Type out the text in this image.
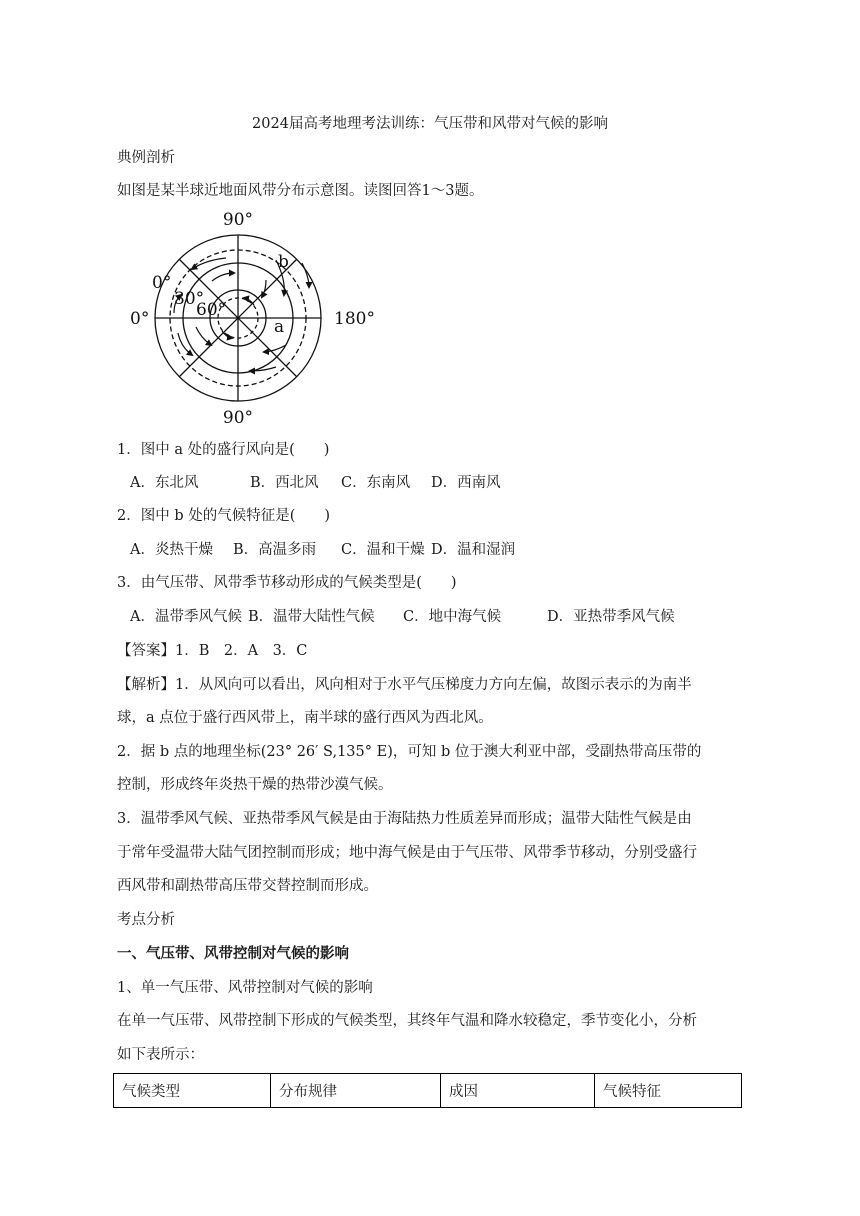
2024届高考地理考法训练：气压带和风带对气候的影响
典例剖析
如图是某半球近地面风带分布示意图。读图回答1～3题。
90°
90°
0°	180°
0°
30°
60°
a
b
1．图中 a 处的盛行风向是(　　)
A．东北风	B．西北风 C．东南风 D．西南风
2．图中 b 处的气候特征是(　　)
A．炎热干燥 B．高温多雨 C．温和干燥 D．温和湿润
3．由气压带、风带季节移动形成的气候类型是(　　)
A．温带季风气候 B．温带大陆性气候 C．地中海气候	D．亚热带季风气候
【答案】1．B　2．A　3．C
【解析】1．从风向可以看出，风向相对于水平气压梯度力方向左偏，故图示表示的为南半
球，a 点位于盛行西风带上，南半球的盛行西风为西北风。
2．据 b 点的地理坐标(23° 26′ S,135° E)，可知 b 位于澳大利亚中部，受副热带高压带的
控制，形成终年炎热干燥的热带沙漠气候。
3．温带季风气候、亚热带季风气候是由于海陆热力性质差异而形成；温带大陆性气候是由
于常年受温带大陆气团控制而形成；地中海气候是由于气压带、风带季节移动，分别受盛行
西风带和副热带高压带交替控制而形成。
考点分析
一、气压带、风带控制对气候的影响
1、单一气压带、风带控制对气候的影响
在单一气压带、风带控制下形成的气候类型，其终年气温和降水较稳定，季节变化小，分析
如下表所示：
气候类型	分布规律	成因	气候特征
